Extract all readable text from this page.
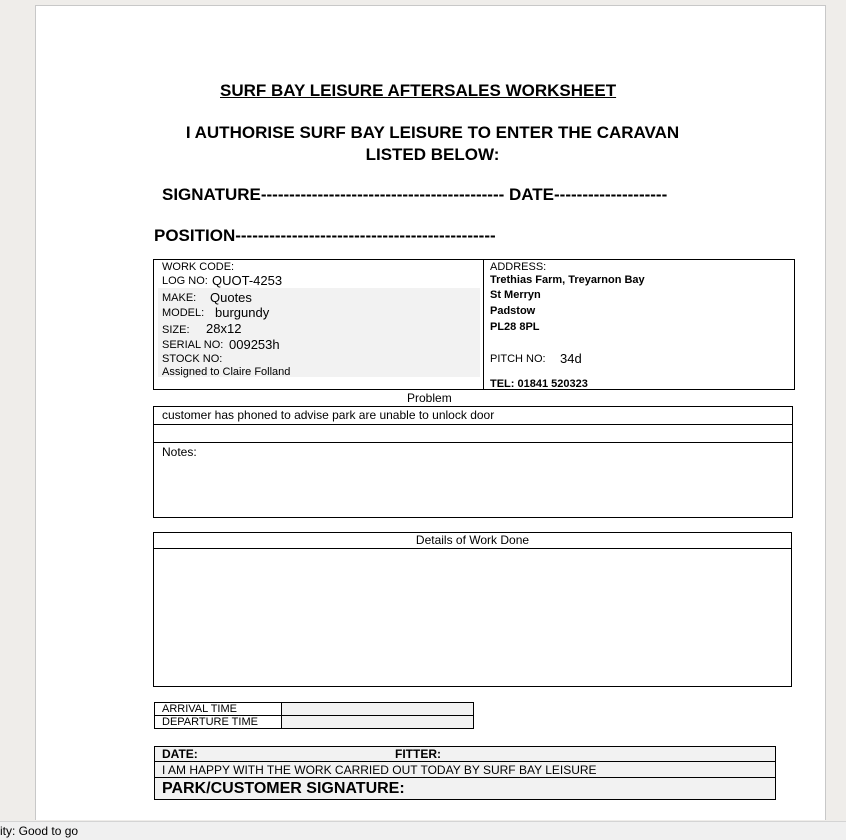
SURF BAY LEISURE AFTERSALES WORKSHEET
I AUTHORISE SURF BAY LEISURE TO ENTER THE CARAVAN
LISTED BELOW:
SIGNATURE------------------------------------------- DATE--------------------
POSITION----------------------------------------------
WORK CODE:
LOG NO: QUOT-4253
MAKE: Quotes
MODEL: burgundy
SIZE: 28x12
SERIAL NO: 009253h
STOCK NO:
Assigned to Claire Folland
ADDRESS:
Trethias Farm, Treyarnon Bay
St Merryn
Padstow
PL28 8PL
PITCH NO: 34d
TEL: 01841 520323
Problem
customer has phoned to advise park are unable to unlock door
Notes:
Details of Work Done
ARRIVAL TIME	
DEPARTURE TIME	
DATE:	FITTER:
I AM HAPPY WITH THE WORK CARRIED OUT TODAY BY SURF BAY LEISURE
PARK/CUSTOMER SIGNATURE:
ity: Good to go
